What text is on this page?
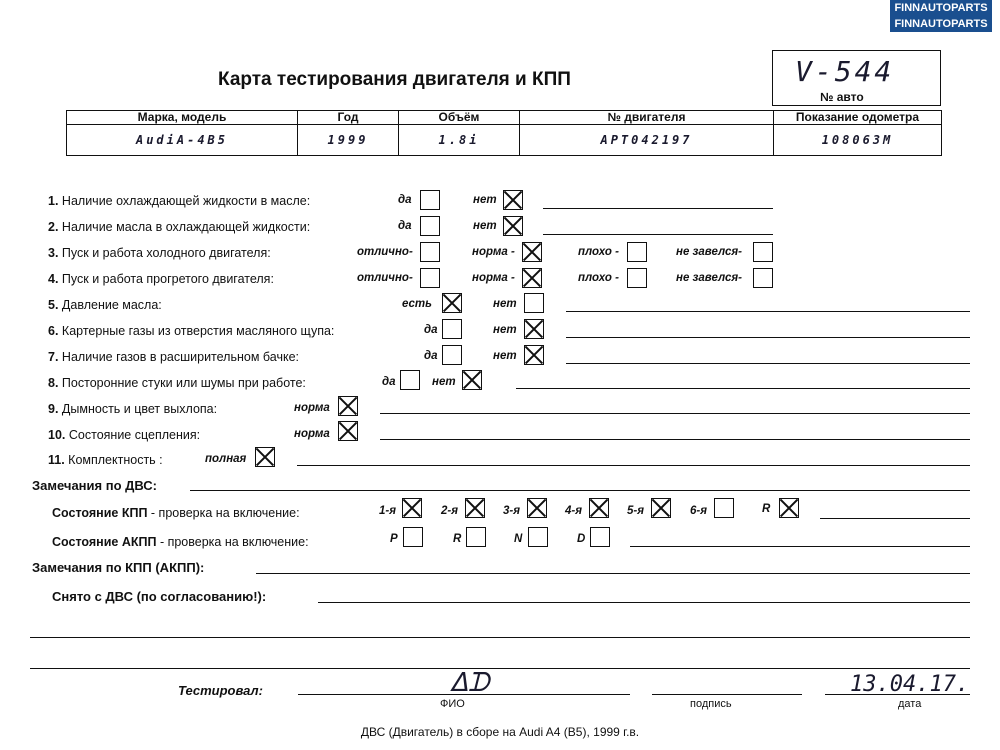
FINNAUTOPARTS
FINNAUTOPARTS
Карта тестирования двигателя и КПП	V-544
№ авто
Марка, модель	Год	Объём	№ двигателя	Показание одометра
AudiA-4B5	1999	1.8i	APT042197	108063M
1. Наличие охлаждающей жидкости в масле:	да	нет
2. Наличие масла в охлаждающей жидкости:	да	нет
3. Пуск и работа холодного двигателя:	отлично-	норма -	плохо -	не завелся-
4. Пуск и работа прогретого двигателя:	отлично-	норма -	плохо -	не завелся-
5. Давление масла:	есть	нет
6. Картерные газы из отверстия масляного щупа:	да	нет
7. Наличие газов в расширительном бачке:	да	нет
8. Посторонние стуки или шумы при работе:	да	нет
9. Дымность и цвет выхлопа:	норма
10. Состояние сцепления:	норма
11. Комплектность :	полная
Замечания по ДВС:
Состояние КПП - проверка на включение:	1-я	2-я	3-я	4-я	5-я	6-я	R
Состояние АКПП - проверка на включение:	P	R	N	D
Замечания по КПП (АКПП):
Снято с ДВС (по согласованию!):
Тестировал:	ᐃᗪ	13.04.17.
ФИО	подпись	дата
ДВС (Двигатель) в сборе на Audi A4 (B5), 1999 г.в.
